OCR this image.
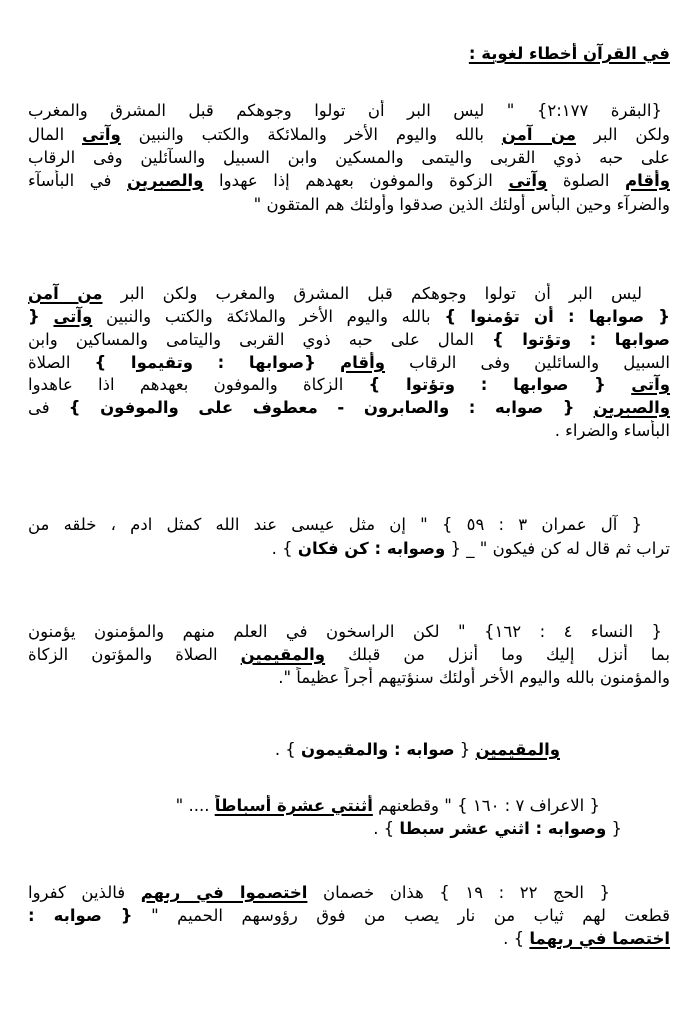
في القرآن أخطاء لغوية :
{البقرة ٢:١٧٧} " ليس البر أن تولوا وجوهكم قبل المشرق والمغرب
ولكن البر من آمن بالله واليوم الأخر والملائكة والكتب والنبين وآتى المال
على حبه ذوي القربى واليتمى والمسكين وابن السبيل والسآئلين وفى الرقاب
وأقام الصلوة وآتى الزكوة والموفون بعهدهم إذا عهدوا والصبرين في البأسآء
والضرآء وحين البأس أولئك الذين صدقوا وأولئك هم المتقون "
ليس البر أن تولوا وجوهكم قبل المشرق والمغرب ولكن البر من آمن
{ صوابها : أن تؤمنوا } بالله واليوم الأخر والملائكة والكتب والنبين وآتى {
صوابها : وتؤتوا } المال على حبه ذوي القربى واليتامى والمساكين وابن
السبيل والسائلين وفى الرقاب وأقام {صوابها : وتقيموا } الصلاة
وآتى { صوابها : وتؤتوا } الزكاة والموفون بعهدهم اذا عاهدوا
والصبرين { صوابه : والصابرون - معطوف على والموفون } فى
البأساء والضراء .
{ آل عمران ٣ : ٥٩ } " إن مثل عيسى عند الله كمثل ادم ، خلقه من
تراب ثم قال له كن فيكون " _ { وصوابه : كن فكان } .
{ النساء ٤ : ١٦٢} " لكن الراسخون في العلم منهم والمؤمنون يؤمنون
بما أنزل إليك وما أنزل من قبلك والمقيمين الصلاة والمؤتون الزكاة
والمؤمنون بالله واليوم الأخر أولئك سنؤتيهم أجراً عظيماً ".
والمقيمين { صوابه : والمقيمون } .
{ الاعراف ٧ : ١٦٠ } " وقطعنهم أثنتي عشرة أسباطاً .... "
{ وصوابه : اثني عشر سبطا } .
{ الحج ٢٢ : ١٩ } هذان خصمان اختصموا في ربهم فالذين كفروا
قطعت لهم ثياب من نار يصب من فوق رؤوسهم الحميم " { صوابه :
اختصما في ربهما } .
